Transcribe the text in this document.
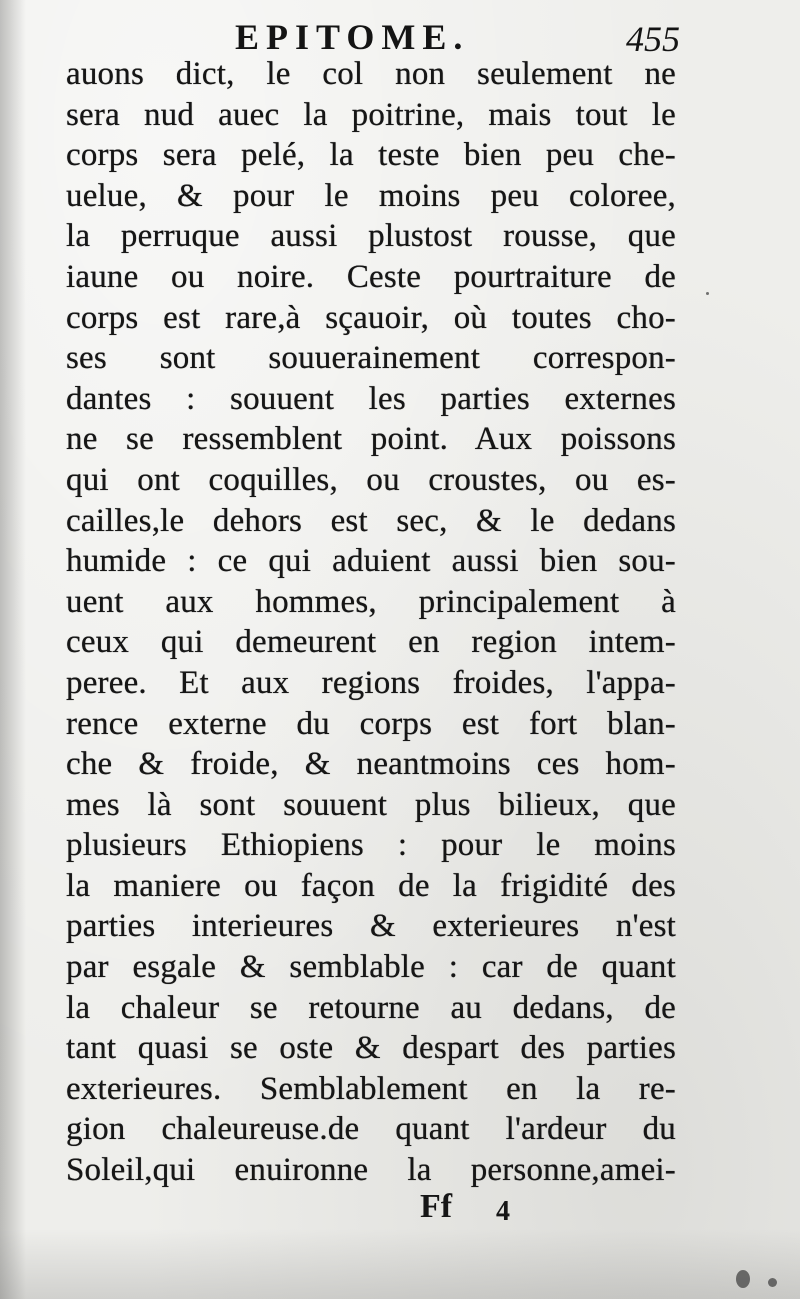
EPITOME.	455
auons dict, le col non seulement ne
sera nud auec la poitrine, mais tout le
corps sera pelé, la teste bien peu che-
uelue, & pour le moins peu coloree,
la perruque aussi plustost rousse, que
iaune ou noire. Ceste pourtraiture de
corps est rare,à sçauoir, où toutes cho-
ses sont souuerainement correspon-
dantes : souuent les parties externes
ne se ressemblent point. Aux poissons
qui ont coquilles, ou croustes, ou es-
cailles,le dehors est sec, & le dedans
humide : ce qui aduient aussi bien sou-
uent aux hommes, principalement à
ceux qui demeurent en region intem-
peree. Et aux regions froides, l'appa-
rence externe du corps est fort blan-
che & froide, & neantmoins ces hom-
mes là sont souuent plus bilieux, que
plusieurs Ethiopiens : pour le moins
la maniere ou façon de la frigidité des
parties interieures & exterieures n'est
par esgale & semblable : car de quant
la chaleur se retourne au dedans, de
tant quasi se oste & despart des parties
exterieures. Semblablement en la re-
gion chaleureuse.de quant l'ardeur du
Soleil,qui enuironne la personne,amei-
Ff 4
